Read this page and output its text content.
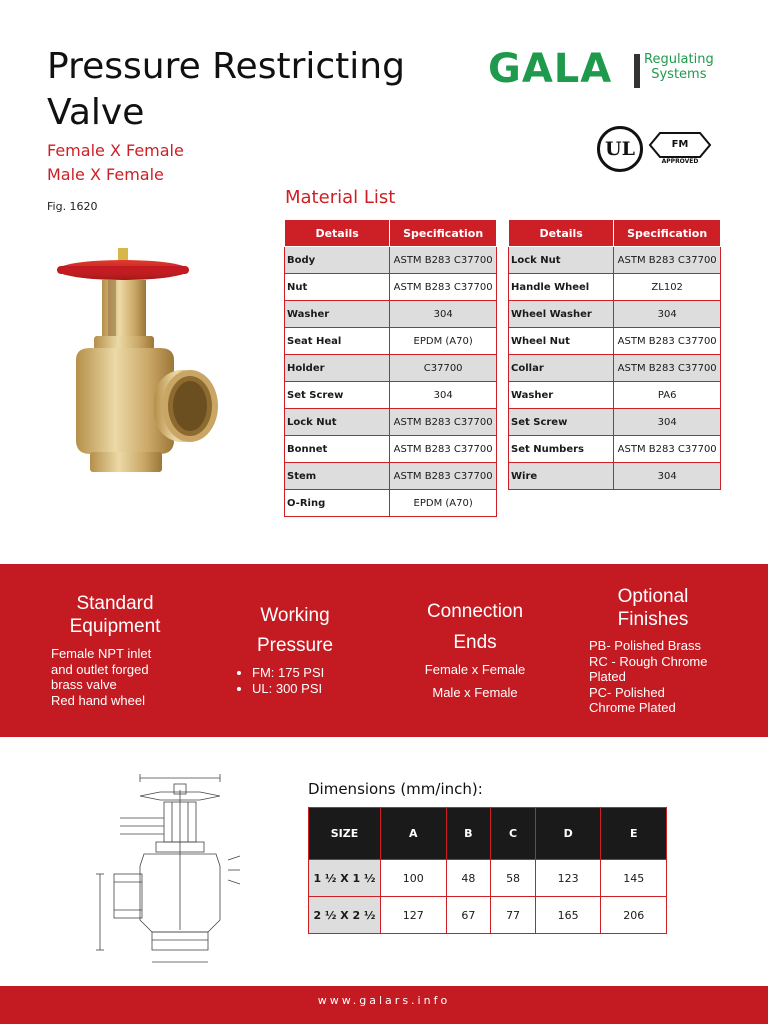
Pressure Restricting Valve
Female X Female
Male X Female
Fig. 1620
GALA Regulating
Systems
UL	FM
APPROVED
Material List
Details	Specification
Body	ASTM B283 C37700
Nut	ASTM B283 C37700
Washer	304
Seat Heal	EPDM (A70)
Holder	C37700
Set Screw	304
Lock Nut	ASTM B283 C37700
Bonnet	ASTM B283 C37700
Stem	ASTM B283 C37700
O-Ring	EPDM (A70)
Details	Specification
Lock Nut	ASTM B283 C37700
Handle Wheel	ZL102
Wheel Washer	304
Wheel Nut	ASTM B283 C37700
Collar	ASTM B283 C37700
Washer	PA6
Set Screw	304
Set Numbers	ASTM B283 C37700
Wire	304
Standard
Equipment
Female NPT inlet
and outlet forged
brass valve
Red hand wheel
Working
Pressure
• FM: 175 PSI
• UL: 300 PSI
Connection
Ends
Female x Female
Male x Female
Optional
Finishes
PB- Polished Brass
RC - Rough Chrome
Plated
PC- Polished
Chrome Plated
Dimensions (mm/inch):
SIZE	A	B	C	D	E
1 ½ X 1 ½	100	48	58	123	145
2 ½ X 2 ½	127	67	77	165	206
www.galars.info
